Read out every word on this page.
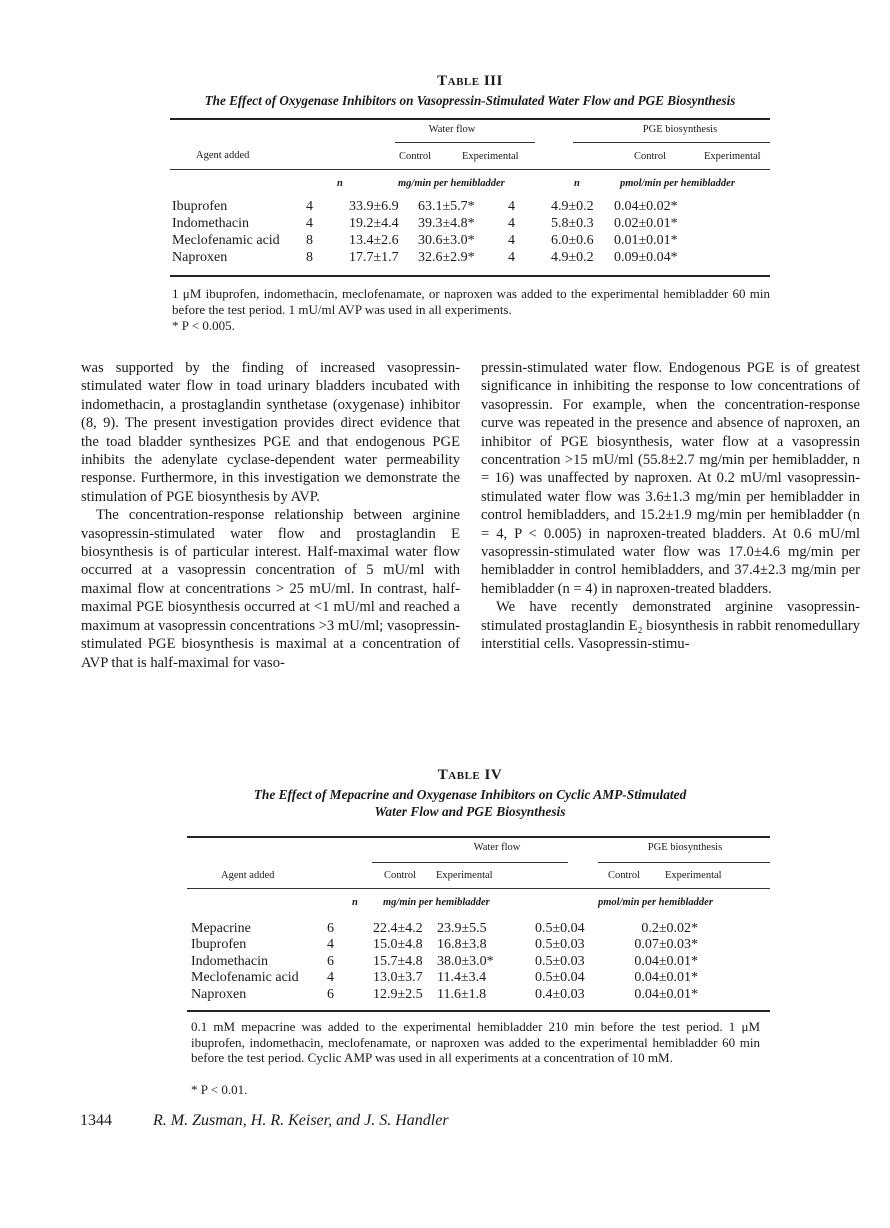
Table III
The Effect of Oxygenase Inhibitors on Vasopressin-Stimulated Water Flow and PGE Biosynthesis
Water flow	PGE biosynthesis
Agent added	Control	Experimental	Control	Experimental
n	mg/min per hemibladder	n	pmol/min per hemibladder
Ibuprofen	4	33.9±6.9 63.1±5.7* 4	4.9±0.2 0.04±0.02*
Indomethacin	4	19.2±4.4 39.3±4.8* 4	5.8±0.3 0.02±0.01*
Meclofenamic acid 8	13.4±2.6 30.6±3.0* 4	6.0±0.6 0.01±0.01*
Naproxen	8	17.7±1.7 32.6±2.9* 4	4.9±0.2 0.09±0.04*
1 μM ibuprofen, indomethacin, meclofenamate, or naproxen was added to the experimental hemibladder 60 min before the test period. 1 mU/ml AVP was used in all experiments.
* P < 0.005.

was supported by the finding of increased vasopressin-stimulated water flow in toad urinary bladders incubated with indomethacin, a prostaglandin synthetase (oxygenase) inhibitor (8, 9). The present investigation provides direct evidence that the toad bladder synthesizes PGE and that endogenous PGE inhibits the adenylate cyclase-dependent water permeability response. Furthermore, in this investigation we demonstrate the stimulation of PGE biosynthesis by AVP.

The concentration-response relationship between arginine vasopressin-stimulated water flow and prostaglandin E biosynthesis is of particular interest. Half-maximal water flow occurred at a vasopressin concentration of 5 mU/ml with maximal flow at concentrations > 25 mU/ml. In contrast, half-maximal PGE biosynthesis occurred at <1 mU/ml and reached a maximum at vasopressin concentrations >3 mU/ml; vasopressin-stimulated PGE biosynthesis is maximal at a concentration of AVP that is half-maximal for vaso-

pressin-stimulated water flow. Endogenous PGE is of greatest significance in inhibiting the response to low concentrations of vasopressin. For example, when the concentration-response curve was repeated in the presence and absence of naproxen, an inhibitor of PGE biosynthesis, water flow at a vasopressin concentration >15 mU/ml (55.8±2.7 mg/min per hemibladder, n = 16) was unaffected by naproxen. At 0.2 mU/ml vasopressin-stimulated water flow was 3.6±1.3 mg/min per hemibladder in control hemibladders, and 15.2±1.9 mg/min per hemibladder (n = 4, P < 0.005) in naproxen-treated bladders. At 0.6 mU/ml vasopressin-stimulated water flow was 17.0±4.6 mg/min per hemibladder in control hemibladders, and 37.4±2.3 mg/min per hemibladder (n = 4) in naproxen-treated bladders.

We have recently demonstrated arginine vasopressin-stimulated prostaglandin E₂ biosynthesis in rabbit renomedullary interstitial cells. Vasopressin-stimu-

Table IV
The Effect of Mepacrine and Oxygenase Inhibitors on Cyclic AMP-Stimulated
Water Flow and PGE Biosynthesis
Water flow	PGE biosynthesis
Agent added	Control Experimental	Control Experimental
n mg/min per hemibladder	pmol/min per hemibladder
Mepacrine	6	22.4±4.2 23.9±5.5	0.5±0.04	0.2±0.02*
Ibuprofen	4	15.0±4.8 16.8±3.8	0.5±0.03	0.07±0.03*
Indomethacin	6	15.7±4.8 38.0±3.0*	0.5±0.03	0.04±0.01*
Meclofenamic acid 4	13.0±3.7 11.4±3.4	0.5±0.04	0.04±0.01*
Naproxen	6	12.9±2.5 11.6±1.8	0.4±0.03	0.04±0.01*
0.1 mM mepacrine was added to the experimental hemibladder 210 min before the test period. 1 μM ibuprofen, indomethacin, meclofenamate, or naproxen was added to the experimental hemibladder 60 min before the test period. Cyclic AMP was used in all experiments at a concentration of 10 mM.
* P < 0.01.
1344	R. M. Zusman, H. R. Keiser, and J. S. Handler
